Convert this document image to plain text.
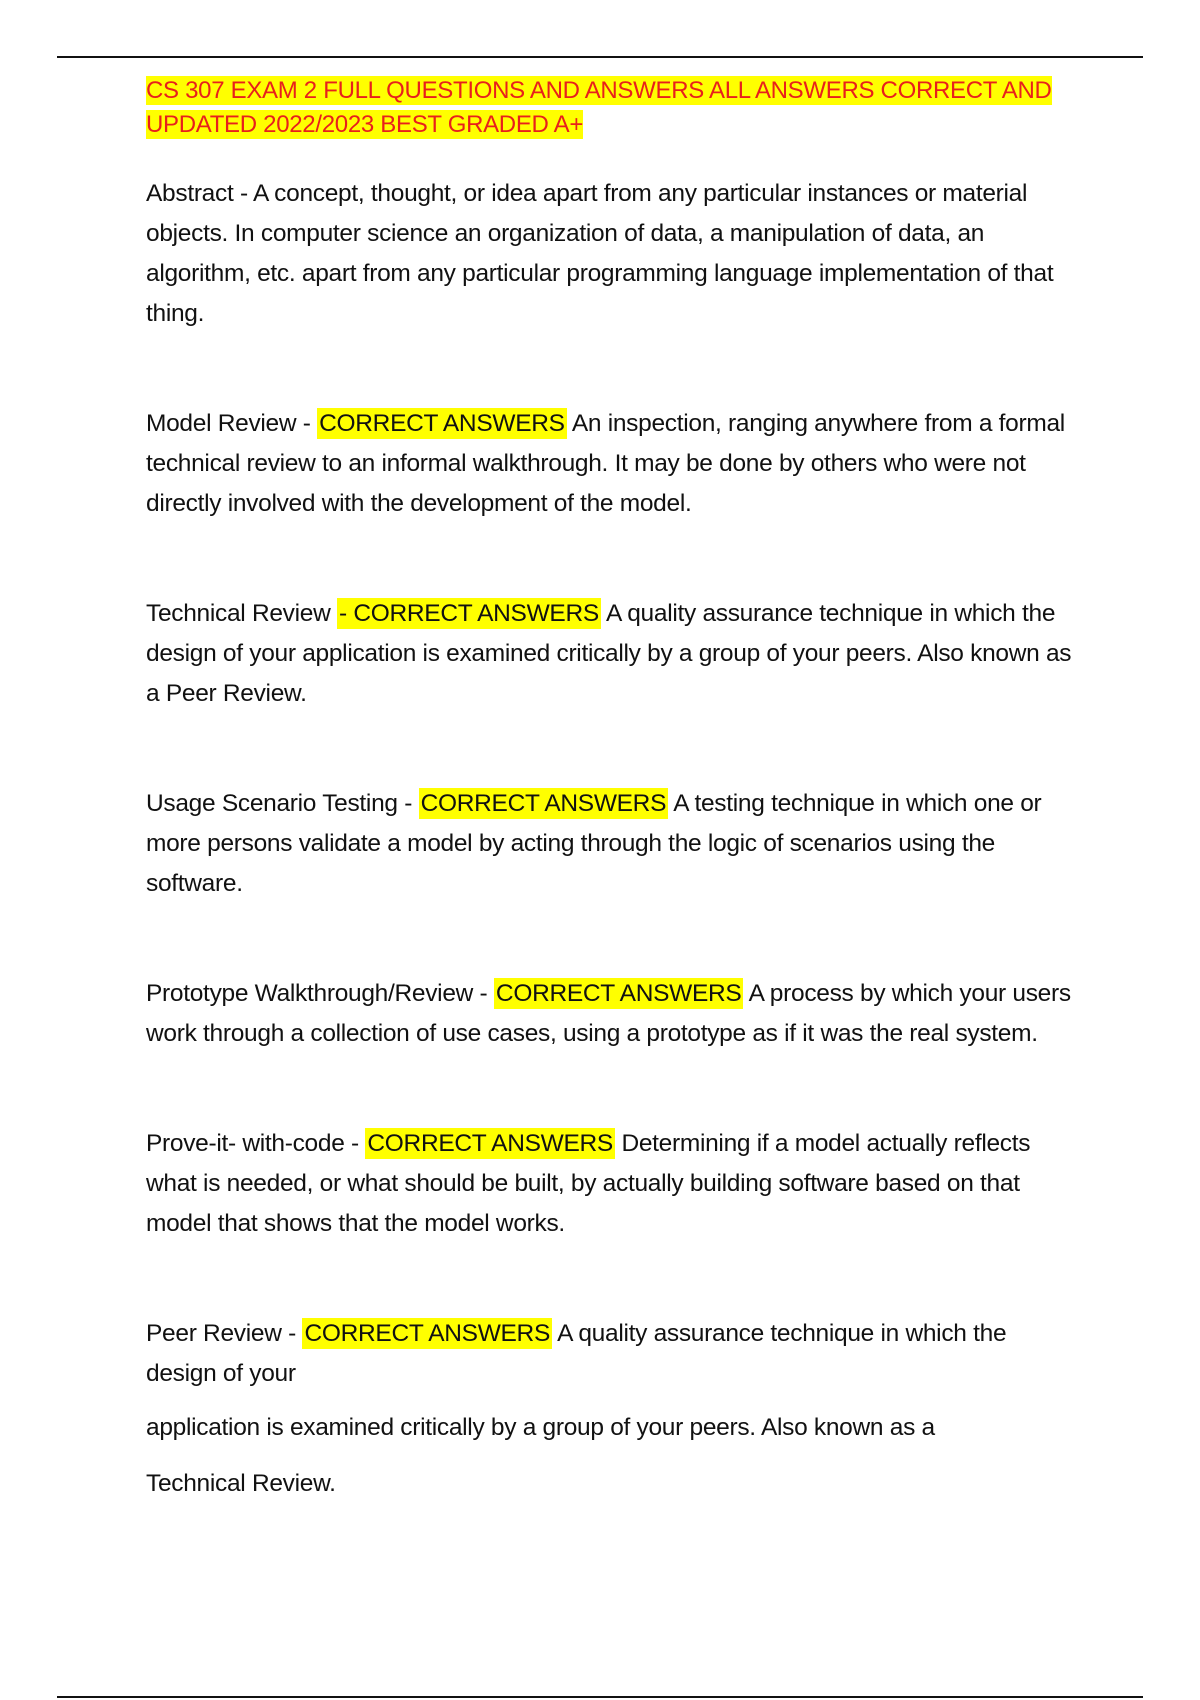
CS 307 EXAM 2 FULL QUESTIONS AND ANSWERS ALL ANSWERS CORRECT AND UPDATED 2022/2023 BEST GRADED A+

Abstract - A concept, thought, or idea apart from any particular instances or material objects. In computer science an organization of data, a manipulation of data, an algorithm, etc. apart from any particular programming language implementation of that thing.

Model Review - CORRECT ANSWERS An inspection, ranging anywhere from a formal technical review to an informal walkthrough. It may be done by others who were not directly involved with the development of the model.

Technical Review - CORRECT ANSWERS A quality assurance technique in which the design of your application is examined critically by a group of your peers. Also known as a Peer Review.

Usage Scenario Testing - CORRECT ANSWERS A testing technique in which one or more persons validate a model by acting through the logic of scenarios using the software.

Prototype Walkthrough/Review - CORRECT ANSWERS A process by which your users work through a collection of use cases, using a prototype as if it was the real system.

Prove-it- with-code - CORRECT ANSWERS Determining if a model actually reflects what is needed, or what should be built, by actually building software based on that model that shows that the model works.

Peer Review - CORRECT ANSWERS A quality assurance technique in which the design of your

application is examined critically by a group of your peers. Also known as a

Technical Review.
